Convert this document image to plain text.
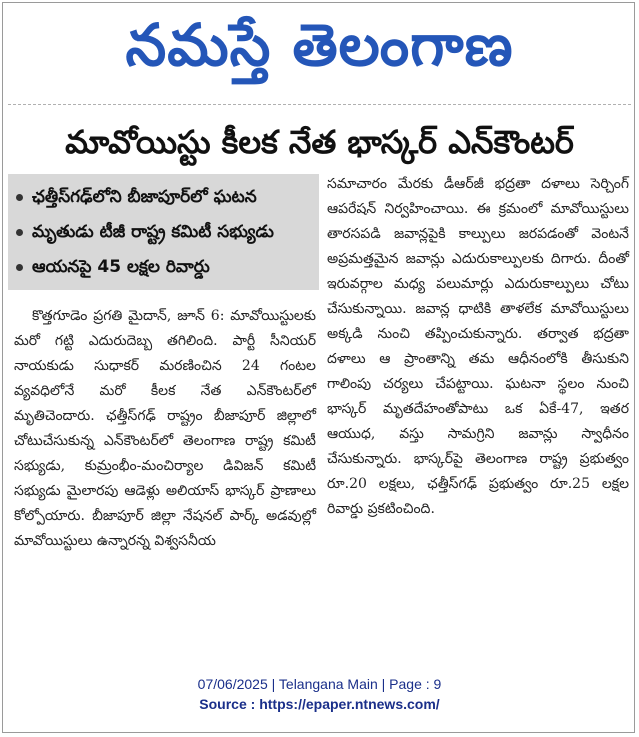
నమస్తే తెలంగాణ
మావోయిస్టు కీలక నేత భాస్కర్ ఎన్‌కౌంటర్
ఛత్తీస్‌గఢ్‌లోని బీజాపూర్‌లో ఘటన
మృతుడు టీజీ రాష్ట్ర కమిటీ సభ్యుడు
ఆయనపై 45 లక్షల రివార్డు

కొత్తగూడెం ప్రగతి మైదాన్, జూన్ 6: మావోయిస్టులకు మరో గట్టి ఎదురుదెబ్బ తగిలింది. పార్టీ సీనియర్ నాయకుడు సుధాకర్ మరణించిన 24 గంటల వ్యవధిలోనే మరో కీలక నేత ఎన్‌కౌంటర్‌లో మృతిచెందారు. ఛత్తీస్‌గఢ్ రాష్ట్రం బీజాపూర్ జిల్లాలో చోటుచేసుకున్న ఎన్‌కౌంటర్‌లో తెలంగాణ రాష్ట్ర కమిటీ సభ్యుడు, కుమ్రంభీం-మంచిర్యాల డివిజన్ కమిటీ సభ్యుడు మైలారపు ఆడెళ్లు అలియాస్ భాస్కర్ ప్రాణాలు కోల్పోయారు. బీజాపూర్ జిల్లా నేషనల్ పార్క్ అడవుల్లో మావోయిస్టులు ఉన్నారన్న విశ్వసనీయ

సమాచారం మేరకు డీఆర్‌జీ భద్రతా దళాలు సెర్చింగ్ ఆపరేషన్ నిర్వహించాయి. ఈ క్రమంలో మావోయిస్టులు తారసపడి జవాన్లపైకి కాల్పులు జరపడంతో వెంటనే అప్రమత్తమైన జవాన్లు ఎదురుకాల్పులకు దిగారు. దీంతో ఇరువర్గాల మధ్య పలుమార్లు ఎదురుకాల్పులు చోటు చేసుకున్నాయి. జవాన్ల ధాటికి తాళలేక మావోయిస్టులు అక్కడి నుంచి తప్పించుకున్నారు. తర్వాత భద్రతా దళాలు ఆ ప్రాంతాన్ని తమ ఆధీనంలోకి తీసుకుని గాలింపు చర్యలు చేపట్టాయి. ఘటనా స్థలం నుంచి భాస్కర్ మృతదేహంతోపాటు ఒక ఏకే-47, ఇతర ఆయుధ, వస్తు సామగ్రిని జవాన్లు స్వాధీనం చేసుకున్నారు. భాస్కర్‌పై తెలంగాణ రాష్ట్ర ప్రభుత్వం రూ.20 లక్షలు, ఛత్తీస్‌గఢ్ ప్రభుత్వం రూ.25 లక్షల రివార్డు ప్రకటించింది.

07/06/2025 | Telangana Main | Page : 9
Source : https://epaper.ntnews.com/
